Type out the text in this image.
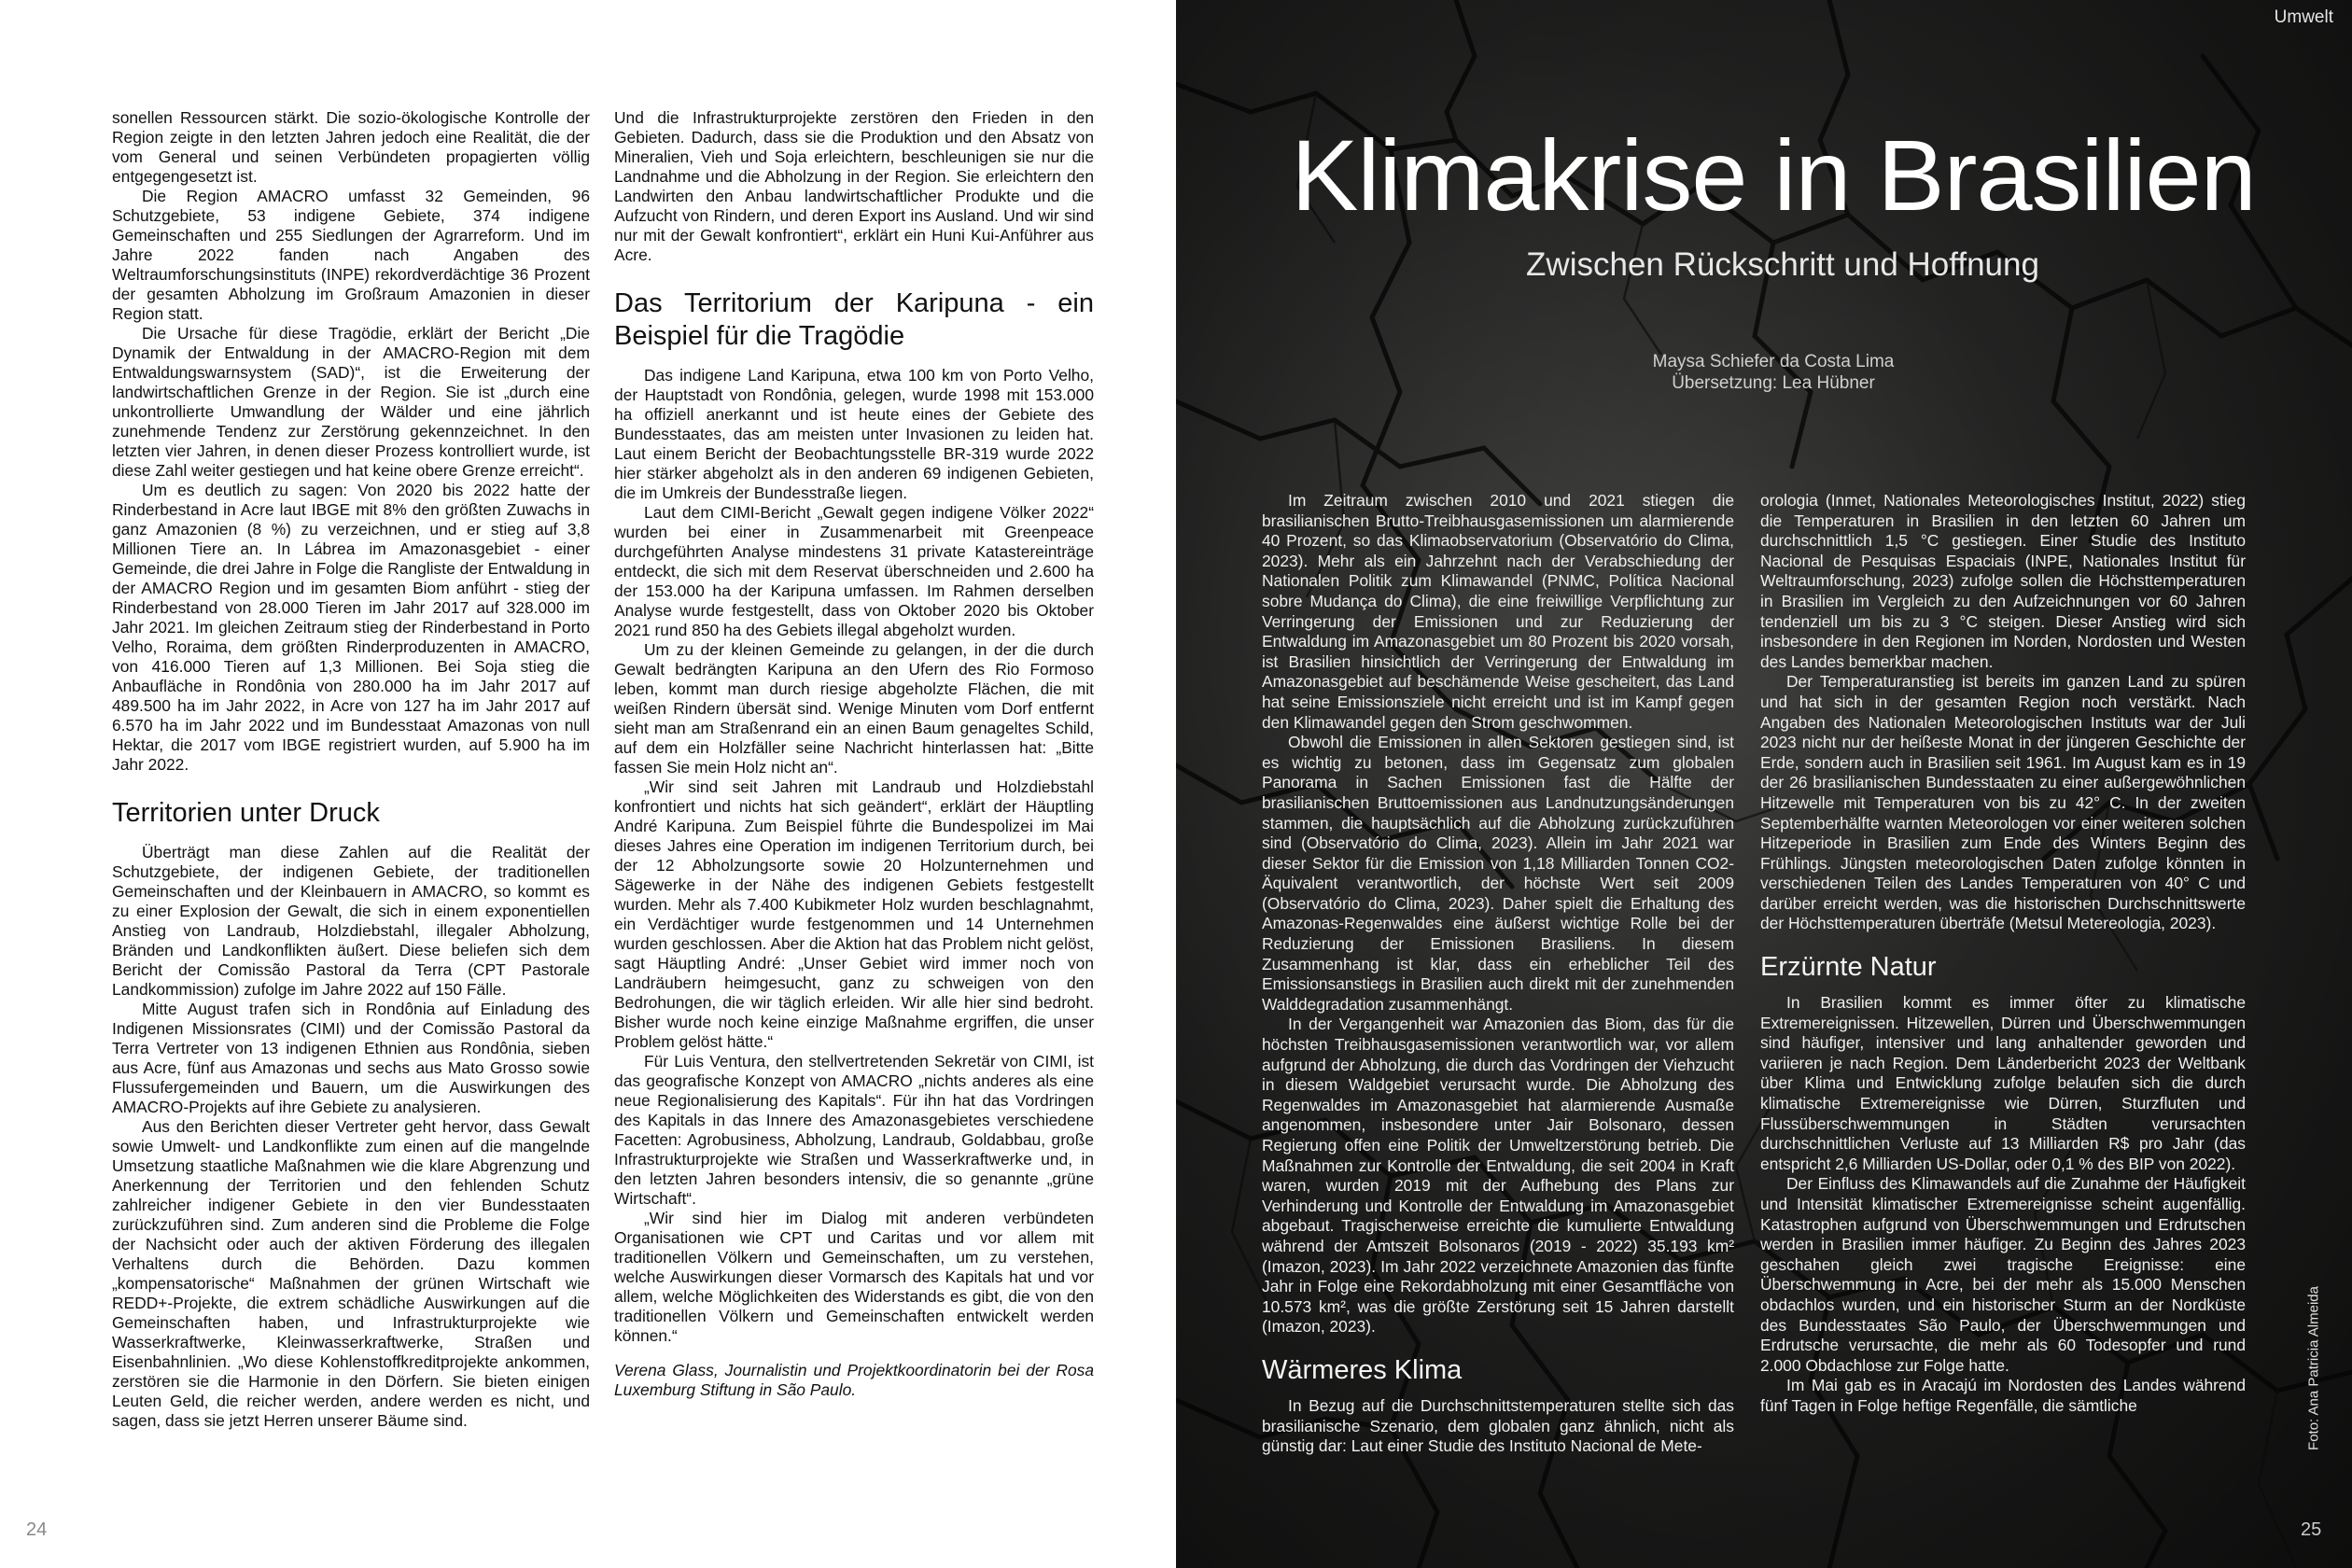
sonellen Ressourcen stärkt. Die sozio-ökologische Kontrolle der Region zeigte in den letzten Jahren jedoch eine Realität, die der vom General und seinen Verbündeten propagierten völlig entgegengesetzt ist.

Die Region AMACRO umfasst 32 Gemeinden, 96 Schutzgebiete, 53 indigene Gebiete, 374 indigene Gemeinschaften und 255 Siedlungen der Agrarreform. Und im Jahre 2022 fanden nach Angaben des Weltraumforschungsinstituts (INPE) rekordverdächtige 36 Prozent der gesamten Abholzung im Großraum Amazonien in dieser Region statt.

Die Ursache für diese Tragödie, erklärt der Bericht „Die Dynamik der Entwaldung in der AMACRO-Region mit dem Entwaldungswarnsystem (SAD)“, ist die Erweiterung der landwirtschaftlichen Grenze in der Region. Sie ist „durch eine unkontrollierte Umwandlung der Wälder und eine jährlich zunehmende Tendenz zur Zerstörung gekennzeichnet. In den letzten vier Jahren, in denen dieser Prozess kontrolliert wurde, ist diese Zahl weiter gestiegen und hat keine obere Grenze erreicht“.

Um es deutlich zu sagen: Von 2020 bis 2022 hatte der Rinderbestand in Acre laut IBGE mit 8% den größten Zuwachs in ganz Amazonien (8 %) zu verzeichnen, und er stieg auf 3,8 Millionen Tiere an. In Lábrea im Amazonasgebiet - einer Gemeinde, die drei Jahre in Folge die Rangliste der Entwaldung in der AMACRO Region und im gesamten Biom anführt - stieg der Rinderbestand von 28.000 Tieren im Jahr 2017 auf 328.000 im Jahr 2021. Im gleichen Zeitraum stieg der Rinderbestand in Porto Velho, Roraima, dem größten Rinderproduzenten in AMACRO, von 416.000 Tieren auf 1,3 Millionen. Bei Soja stieg die Anbaufläche in Rondônia von 280.000 ha im Jahr 2017 auf 489.500 ha im Jahr 2022, in Acre von 127 ha im Jahr 2017 auf 6.570 ha im Jahr 2022 und im Bundesstaat Amazonas von null Hektar, die 2017 vom IBGE registriert wurden, auf 5.900 ha im Jahr 2022.

Territorien unter Druck

Überträgt man diese Zahlen auf die Realität der Schutzgebiete, der indigenen Gebiete, der traditionellen Gemeinschaften und der Kleinbauern in AMACRO, so kommt es zu einer Explosion der Gewalt, die sich in einem exponentiellen Anstieg von Landraub, Holzdiebstahl, illegaler Abholzung, Bränden und Landkonflikten äußert. Diese beliefen sich dem Bericht der Comissão Pastoral da Terra (CPT Pastorale Landkommission) zufolge im Jahre 2022 auf 150 Fälle.

Mitte August trafen sich in Rondônia auf Einladung des Indigenen Missionsrates (CIMI) und der Comissão Pastoral da Terra Vertreter von 13 indigenen Ethnien aus Rondônia, sieben aus Acre, fünf aus Amazonas und sechs aus Mato Grosso sowie Flussufergemeinden und Bauern, um die Auswirkungen des AMACRO-Projekts auf ihre Gebiete zu analysieren.

Aus den Berichten dieser Vertreter geht hervor, dass Gewalt sowie Umwelt- und Landkonflikte zum einen auf die mangelnde Umsetzung staatliche Maßnahmen wie die klare Abgrenzung und Anerkennung der Territorien und den fehlenden Schutz zahlreicher indigener Gebiete in den vier Bundesstaaten zurückzuführen sind. Zum anderen sind die Probleme die Folge der Nachsicht oder auch der aktiven Förderung des illegalen Verhaltens durch die Behörden. Dazu kommen „kompensatorische“ Maßnahmen der grünen Wirtschaft wie REDD+-Projekte, die extrem schädliche Auswirkungen auf die Gemeinschaften haben, und Infrastrukturprojekte wie Wasserkraftwerke, Kleinwasserkraftwerke, Straßen und Eisenbahnlinien. „Wo diese Kohlenstoffkreditprojekte ankommen, zerstören sie die Harmonie in den Dörfern. Sie bieten einigen Leuten Geld, die reicher werden, andere werden es nicht, und sagen, dass sie jetzt Herren unserer Bäume sind.

Und die Infrastrukturprojekte zerstören den Frieden in den Gebieten. Dadurch, dass sie die Produktion und den Absatz von Mineralien, Vieh und Soja erleichtern, beschleunigen sie nur die Landnahme und die Abholzung in der Region. Sie erleichtern den Landwirten den Anbau landwirtschaftlicher Produkte und die Aufzucht von Rindern, und deren Export ins Ausland. Und wir sind nur mit der Gewalt konfrontiert“, erklärt ein Huni Kui-Anführer aus Acre.

Das Territorium der Karipuna - ein Beispiel für die Tragödie

Das indigene Land Karipuna, etwa 100 km von Porto Velho, der Hauptstadt von Rondônia, gelegen, wurde 1998 mit 153.000 ha offiziell anerkannt und ist heute eines der Gebiete des Bundesstaates, das am meisten unter Invasionen zu leiden hat. Laut einem Bericht der Beobachtungsstelle BR-319 wurde 2022 hier stärker abgeholzt als in den anderen 69 indigenen Gebieten, die im Umkreis der Bundesstraße liegen.

Laut dem CIMI-Bericht „Gewalt gegen indigene Völker 2022“ wurden bei einer in Zusammenarbeit mit Greenpeace durchgeführten Analyse mindestens 31 private Katastereinträge entdeckt, die sich mit dem Reservat überschneiden und 2.600 ha der 153.000 ha der Karipuna umfassen. Im Rahmen derselben Analyse wurde festgestellt, dass von Oktober 2020 bis Oktober 2021 rund 850 ha des Gebiets illegal abgeholzt wurden.

Um zu der kleinen Gemeinde zu gelangen, in der die durch Gewalt bedrängten Karipuna an den Ufern des Rio Formoso leben, kommt man durch riesige abgeholzte Flächen, die mit weißen Rindern übersät sind. Wenige Minuten vom Dorf entfernt sieht man am Straßenrand ein an einen Baum genageltes Schild, auf dem ein Holzfäller seine Nachricht hinterlassen hat: „Bitte fassen Sie mein Holz nicht an“.

„Wir sind seit Jahren mit Landraub und Holzdiebstahl konfrontiert und nichts hat sich geändert“, erklärt der Häuptling André Karipuna. Zum Beispiel führte die Bundespolizei im Mai dieses Jahres eine Operation im indigenen Territorium durch, bei der 12 Abholzungsorte sowie 20 Holzunternehmen und Sägewerke in der Nähe des indigenen Gebiets festgestellt wurden. Mehr als 7.400 Kubikmeter Holz wurden beschlagnahmt, ein Verdächtiger wurde festgenommen und 14 Unternehmen wurden geschlossen. Aber die Aktion hat das Problem nicht gelöst, sagt Häuptling André: „Unser Gebiet wird immer noch von Landräubern heimgesucht, ganz zu schweigen von den Bedrohungen, die wir täglich erleiden. Wir alle hier sind bedroht. Bisher wurde noch keine einzige Maßnahme ergriffen, die unser Problem gelöst hätte.“

Für Luis Ventura, den stellvertretenden Sekretär von CIMI, ist das geografische Konzept von AMACRO „nichts anderes als eine neue Regionalisierung des Kapitals“. Für ihn hat das Vordringen des Kapitals in das Innere des Amazonasgebietes verschiedene Facetten: Agrobusiness, Abholzung, Landraub, Goldabbau, große Infrastrukturprojekte wie Straßen und Wasserkraftwerke und, in den letzten Jahren besonders intensiv, die so genannte „grüne Wirtschaft“.

„Wir sind hier im Dialog mit anderen verbündeten Organisationen wie CPT und Caritas und vor allem mit traditionellen Völkern und Gemeinschaften, um zu verstehen, welche Auswirkungen dieser Vormarsch des Kapitals hat und vor allem, welche Möglichkeiten des Widerstands es gibt, die von den traditionellen Völkern und Gemeinschaften entwickelt werden können.“

Verena Glass, Journalistin und Projektkoordinatorin bei der Rosa Luxemburg Stiftung in São Paulo.

24
Umwelt
Klimakrise in Brasilien
Zwischen Rückschritt und Hoffnung
Maysa Schiefer da Costa Lima
Übersetzung: Lea Hübner

Im Zeitraum zwischen 2010 und 2021 stiegen die brasilianischen Brutto-Treibhausgasemissionen um alarmierende 40 Prozent, so das Klimaobservatorium (Observatório do Clima, 2023). Mehr als ein Jahrzehnt nach der Verabschiedung der Nationalen Politik zum Klimawandel (PNMC, Política Nacional sobre Mudança do Clima), die eine freiwillige Verpflichtung zur Verringerung der Emissionen und zur Reduzierung der Entwaldung im Amazonasgebiet um 80 Prozent bis 2020 vorsah, ist Brasilien hinsichtlich der Verringerung der Entwaldung im Amazonasgebiet auf beschämende Weise gescheitert, das Land hat seine Emissionsziele nicht erreicht und ist im Kampf gegen den Klimawandel gegen den Strom geschwommen.

Obwohl die Emissionen in allen Sektoren gestiegen sind, ist es wichtig zu betonen, dass im Gegensatz zum globalen Panorama in Sachen Emissionen fast die Hälfte der brasilianischen Bruttoemissionen aus Landnutzungsänderungen stammen, die hauptsächlich auf die Abholzung zurückzuführen sind (Observatório do Clima, 2023). Allein im Jahr 2021 war dieser Sektor für die Emission von 1,18 Milliarden Tonnen CO2-Äquivalent verantwortlich, der höchste Wert seit 2009 (Observatório do Clima, 2023). Daher spielt die Erhaltung des Amazonas-Regenwaldes eine äußerst wichtige Rolle bei der Reduzierung der Emissionen Brasiliens. In diesem Zusammenhang ist klar, dass ein erheblicher Teil des Emissionsanstiegs in Brasilien auch direkt mit der zunehmenden Walddegradation zusammenhängt.

In der Vergangenheit war Amazonien das Biom, das für die höchsten Treibhausgasemissionen verantwortlich war, vor allem aufgrund der Abholzung, die durch das Vordringen der Viehzucht in diesem Waldgebiet verursacht wurde. Die Abholzung des Regenwaldes im Amazonasgebiet hat alarmierende Ausmaße angenommen, insbesondere unter Jair Bolsonaro, dessen Regierung offen eine Politik der Umweltzerstörung betrieb. Die Maßnahmen zur Kontrolle der Entwaldung, die seit 2004 in Kraft waren, wurden 2019 mit der Aufhebung des Plans zur Verhinderung und Kontrolle der Entwaldung im Amazonasgebiet abgebaut. Tragischerweise erreichte die kumulierte Entwaldung während der Amtszeit Bolsonaros (2019 - 2022) 35.193 km² (Imazon, 2023). Im Jahr 2022 verzeichnete Amazonien das fünfte Jahr in Folge eine Rekordabholzung mit einer Gesamtfläche von 10.573 km², was die größte Zerstörung seit 15 Jahren darstellt (Imazon, 2023).

Wärmeres Klima

In Bezug auf die Durchschnittstemperaturen stellte sich das brasilianische Szenario, dem globalen ganz ähnlich, nicht als günstig dar: Laut einer Studie des Instituto Nacional de Mete-

orologia (Inmet, Nationales Meteorologisches Institut, 2022) stieg die Temperaturen in Brasilien in den letzten 60 Jahren um durchschnittlich 1,5 °C gestiegen. Einer Studie des Instituto Nacional de Pesquisas Espaciais (INPE, Nationales Institut für Weltraumforschung, 2023) zufolge sollen die Höchsttemperaturen in Brasilien im Vergleich zu den Aufzeichnungen vor 60 Jahren tendenziell um bis zu 3 °C steigen. Dieser Anstieg wird sich insbesondere in den Regionen im Norden, Nordosten und Westen des Landes bemerkbar machen.

Der Temperaturanstieg ist bereits im ganzen Land zu spüren und hat sich in der gesamten Region noch verstärkt. Nach Angaben des Nationalen Meteorologischen Instituts war der Juli 2023 nicht nur der heißeste Monat in der jüngeren Geschichte der Erde, sondern auch in Brasilien seit 1961. Im August kam es in 19 der 26 brasilianischen Bundesstaaten zu einer außergewöhnlichen Hitzewelle mit Temperaturen von bis zu 42° C. In der zweiten Septemberhälfte warnten Meteorologen vor einer weiteren solchen Hitzeperiode in Brasilien zum Ende des Winters Beginn des Frühlings. Jüngsten meteorologischen Daten zufolge könnten in verschiedenen Teilen des Landes Temperaturen von 40° C und darüber erreicht werden, was die historischen Durchschnittswerte der Höchsttemperaturen überträfe (Metsul Metereologia, 2023).

Erzürnte Natur

In Brasilien kommt es immer öfter zu klimatische Extremereignissen. Hitzewellen, Dürren und Überschwemmungen sind häufiger, intensiver und lang anhaltender geworden und variieren je nach Region. Dem Länderbericht 2023 der Weltbank über Klima und Entwicklung zufolge belaufen sich die durch klimatische Extremereignisse wie Dürren, Sturzfluten und Flussüberschwemmungen in Städten verursachten durchschnittlichen Verluste auf 13 Milliarden R$ pro Jahr (das entspricht 2,6 Milliarden US-Dollar, oder 0,1 % des BIP von 2022).

Der Einfluss des Klimawandels auf die Zunahme der Häufigkeit und Intensität klimatischer Extremereignisse scheint augenfällig. Katastrophen aufgrund von Überschwemmungen und Erdrutschen werden in Brasilien immer häufiger. Zu Beginn des Jahres 2023 geschahen gleich zwei tragische Ereignisse: eine Überschwemmung in Acre, bei der mehr als 15.000 Menschen obdachlos wurden, und ein historischer Sturm an der Nordküste des Bundesstaates São Paulo, der Überschwemmungen und Erdrutsche verursachte, die mehr als 60 Todesopfer und rund 2.000 Obdachlose zur Folge hatte.

Im Mai gab es in Aracajú im Nordosten des Landes während fünf Tagen in Folge heftige Regenfälle, die sämtliche	Foto: Ana Patricia Almeida
25
